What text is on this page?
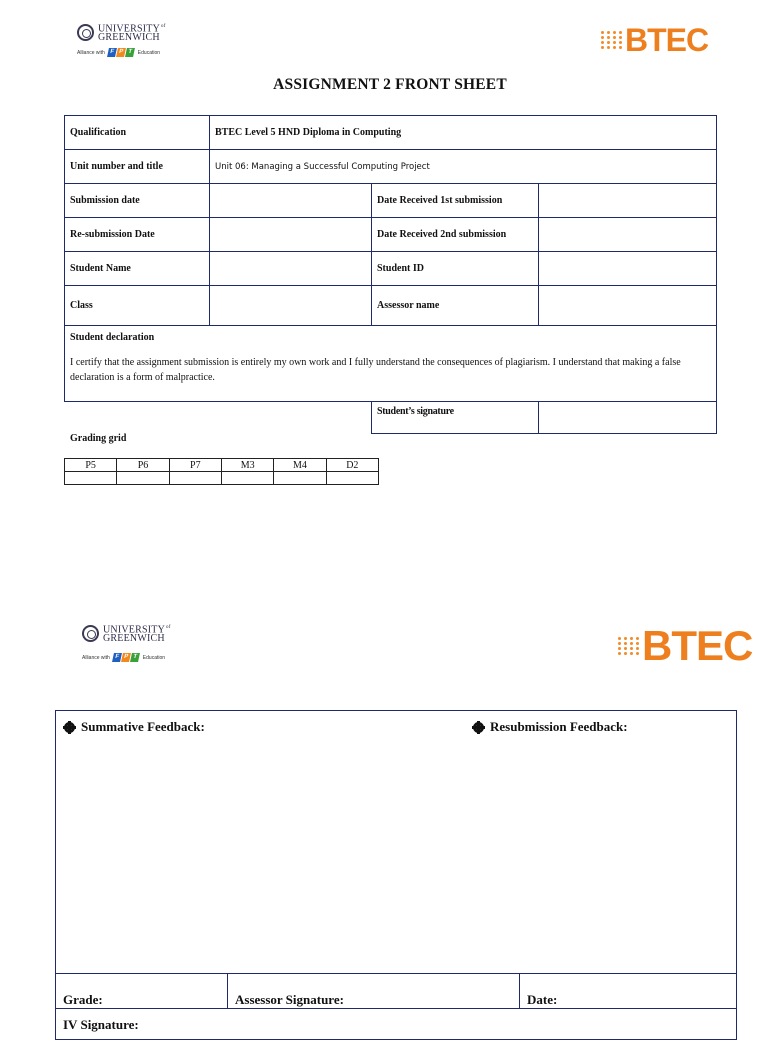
$UNIVERSITY^{of}$
GREENWICH
Alliance with F P T	Education	BTEC
ASSIGNMENT 2 FRONT SHEET
Qualification	BTEC Level 5 HND Diploma in Computing		
Unit number and title	Unit 06: Managing a Successful Computing Project		
Submission date		Date Received 1st submission	
Re-submission Date		Date Received 2nd submission	
Student Name		Student ID	
Class		Assessor name	

Student declaration
I certify that the assignment submission is entirely my own work and I fully understand the consequences of plagiarism. I understand that making a false declaration is a form of malpractice.			

		Student’s signature	
Grading grid
P5	P6	P7	M3	M4	D2

$UNIVERSITY^{of}$
GREENWICH
Alliance with F P T	Education	BTEC
Summative Feedback:	Resubmission Feedback:
Grade:	Assessor Signature:	Date:
IV Signature:
